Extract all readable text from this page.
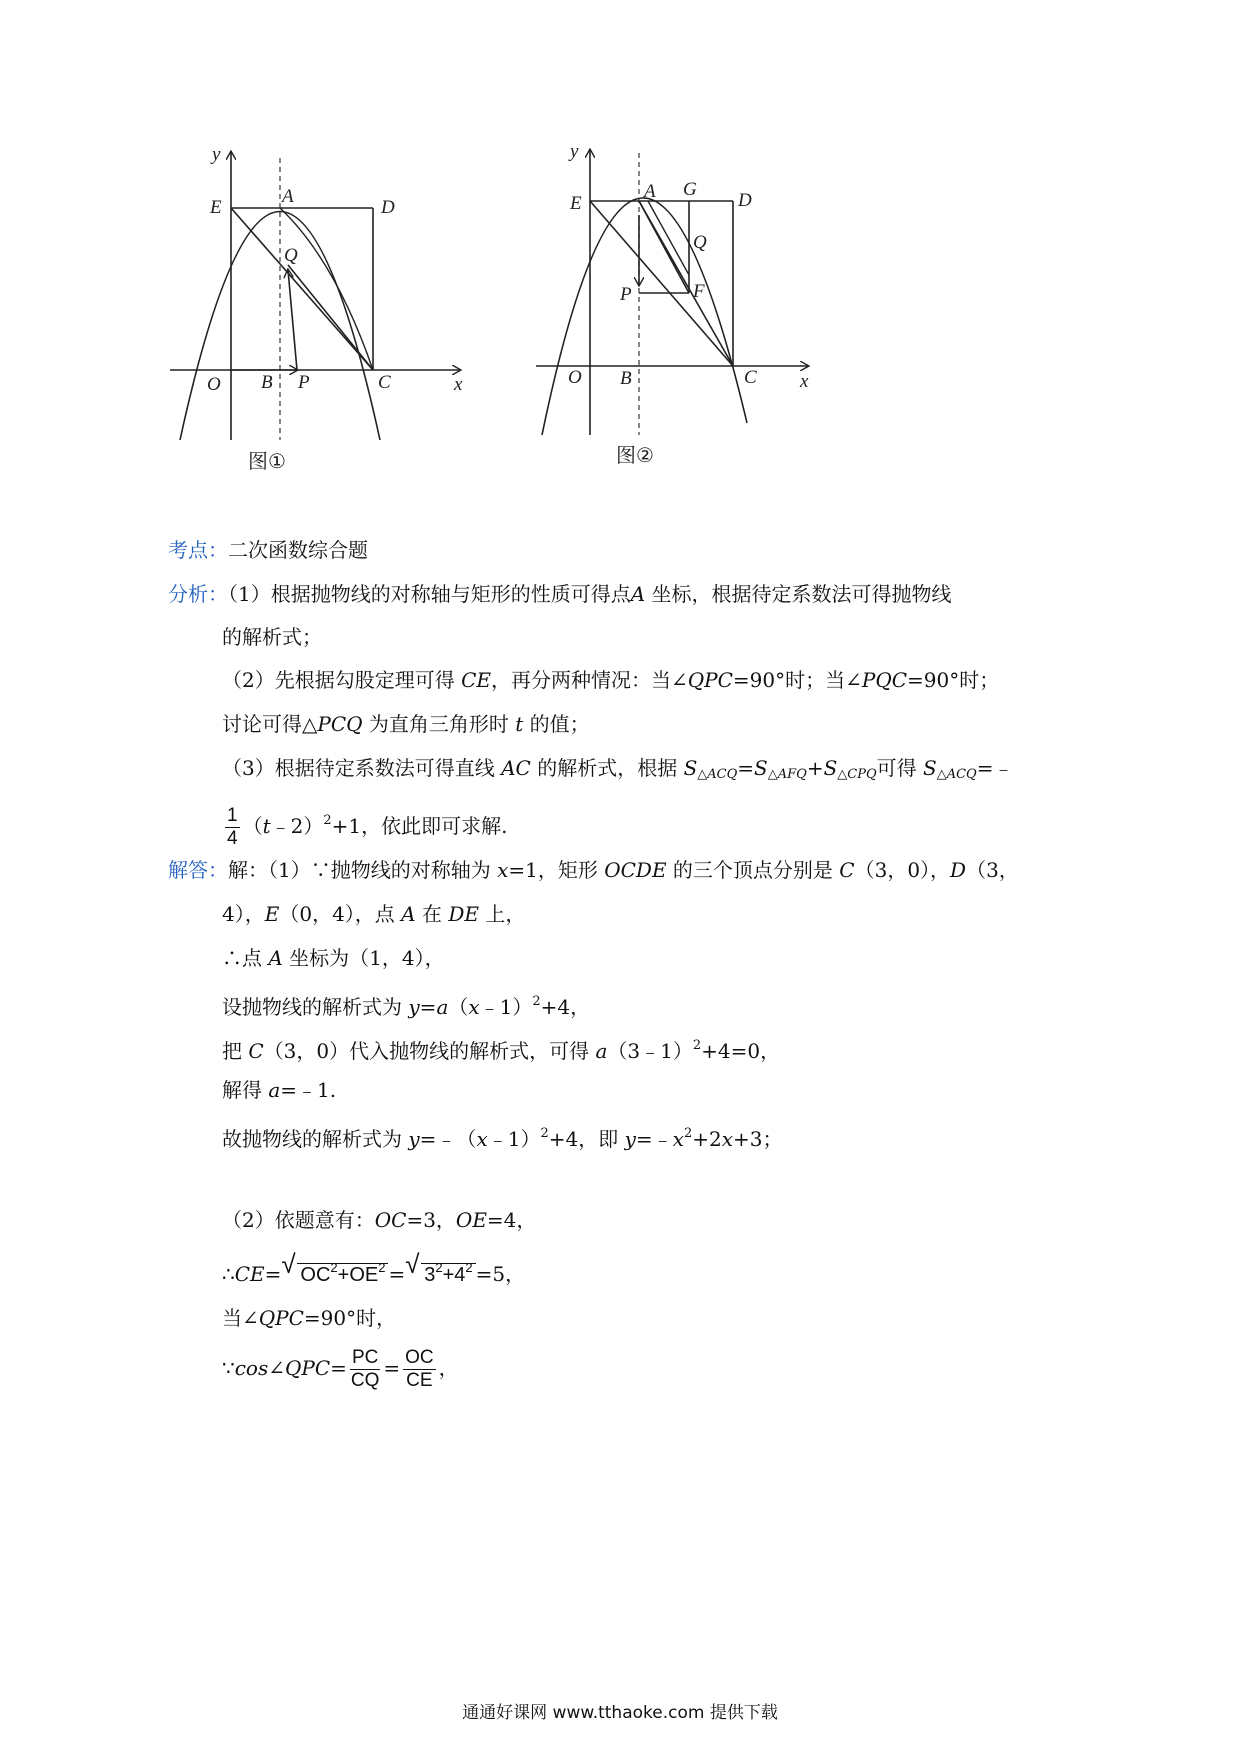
y
x
O B P	C
E
A
D
Q
图①
y
x
O B	C
E
A G
D
Q
P	F
图②
考点：二次函数综合题
分析：（1）根据抛物线的对称轴与矩形的性质可得点A 坐标，根据待定系数法可得抛物线
的解析式；
（2）先根据勾股定理可得 CE，再分两种情况：当∠QPC=90°时；当∠PQC=90°时；
讨论可得△PCQ 为直角三角形时 t 的值；
（3）根据待定系数法可得直线 AC 的解析式，根据 $S_{\triangle ACQ}=S_{\triangle AFQ}+S_{\triangle CPQ}$可得 $S_{\triangle ACQ}=﹣$
$\frac{1}{4}$ （t﹣2）$^2$+1，依此即可求解.
解答：解：（1）∵抛物线的对称轴为 x=1，矩形 OCDE 的三个顶点分别是 C（3，0），D（3，
4），E（0，4），点 A 在 DE 上，
∴点 A 坐标为（1，4），
设抛物线的解析式为 y=a（x﹣1）$^2$+4，
把 C（3，0）代入抛物线的解析式，可得 a（3﹣1）$^2$+4=0，
解得 a=﹣1.
故抛物线的解析式为 y=﹣（x﹣1）$^2$+4，即 $y=﹣x^2+2x+3$；
（2）依题意有：OC=3，OE=4，
∴CE= √ $OC^2+OE^2$ = √ $3^2+4^2 =5$，
当∠QPC=90°时，
∵cos∠QPC= $\frac{PC}{CQ} = \frac{OC}{CE}$ ，
通通好课网 www.tthaoke.com 提供下载
